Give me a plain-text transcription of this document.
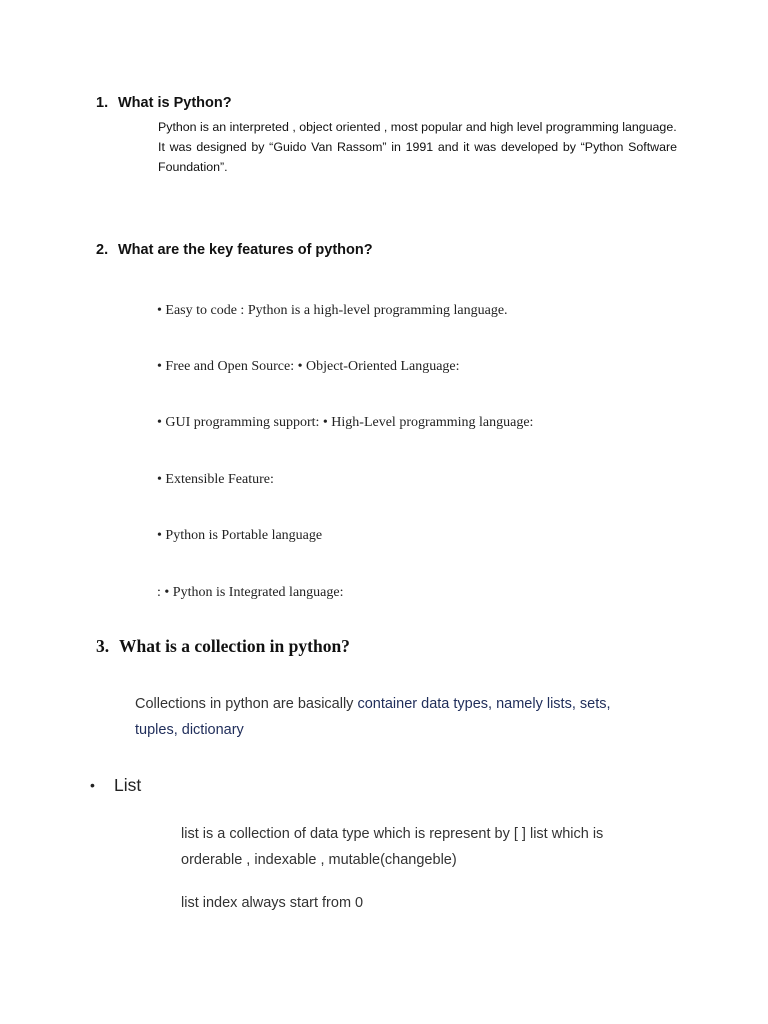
1. What is Python?

Python is an interpreted , object oriented , most popular and high level programming language.

It was designed by “Guido Van Rassom” in 1991 and it was developed by “Python Software Foundation”.

2. What are the key features of python?
• Easy to code : Python is a high-level programming language.
• Free and Open Source: • Object-Oriented Language:
• GUI programming support: • High-Level programming language:
• Extensible Feature:
• Python is Portable language
: • Python is Integrated language:
3. What is a collection in python?
Collections in python are basically container data types, namely lists, sets,
tuples, dictionary
• List
list is a collection of data type which is represent by [ ] list which is
orderable , indexable , mutable(changeble)
list index always start from 0
